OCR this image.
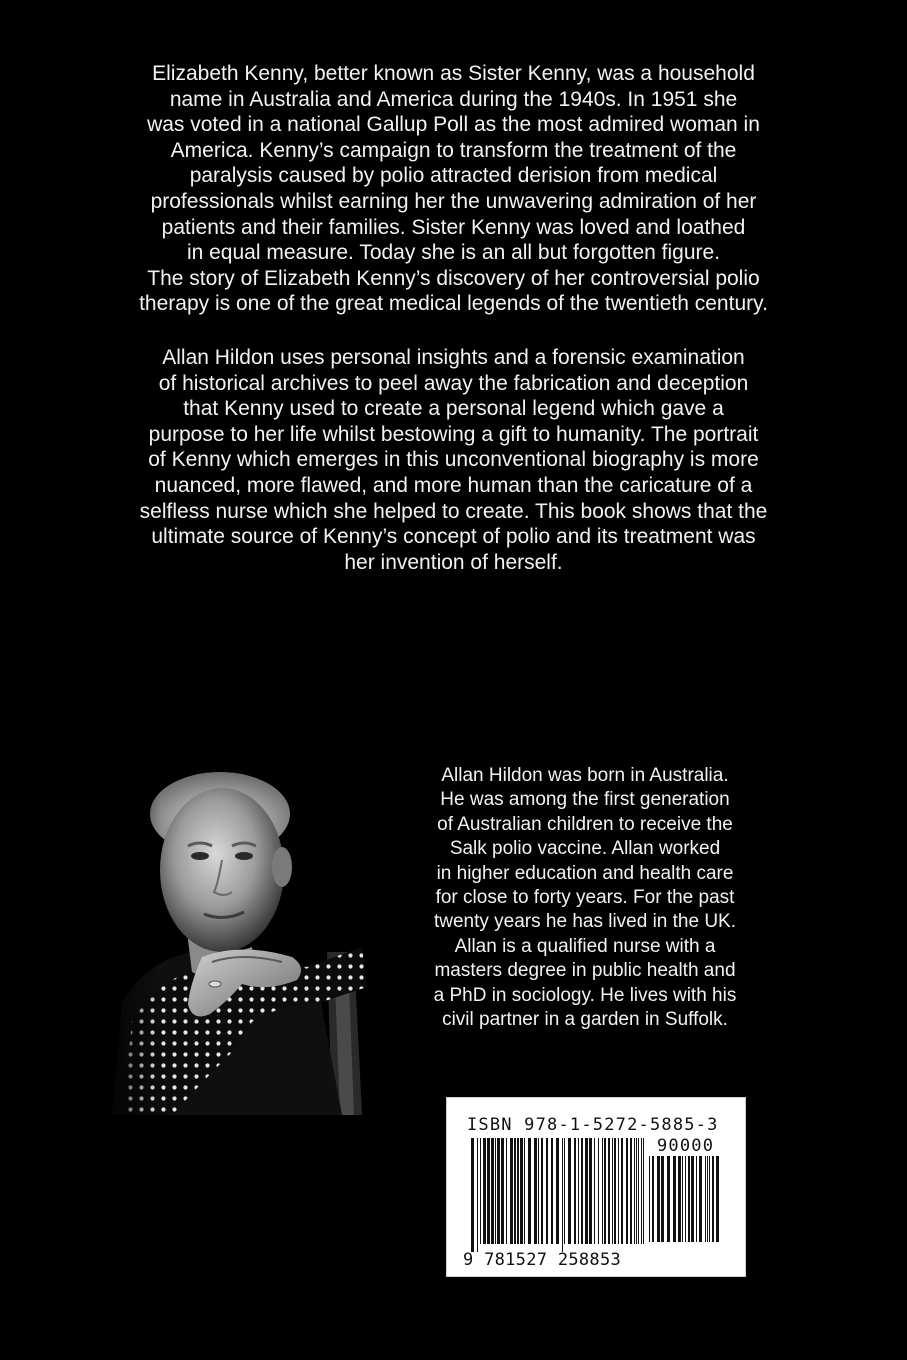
Elizabeth Kenny, better known as Sister Kenny, was a household
name in Australia and America during the 1940s. In 1951 she
was voted in a national Gallup Poll as the most admired woman in
America. Kenny’s campaign to transform the treatment of the
paralysis caused by polio attracted derision from medical
professionals whilst earning her the unwavering admiration of her
patients and their families. Sister Kenny was loved and loathed
in equal measure. Today she is an all but forgotten figure.
The story of Elizabeth Kenny’s discovery of her controversial polio
therapy is one of the great medical legends of the twentieth century.

Allan Hildon uses personal insights and a forensic examination
of historical archives to peel away the fabrication and deception
that Kenny used to create a personal legend which gave a
purpose to her life whilst bestowing a gift to humanity. The portrait
of Kenny which emerges in this unconventional biography is more
nuanced, more flawed, and more human than the caricature of a
selfless nurse which she helped to create. This book shows that the
ultimate source of Kenny’s concept of polio and its treatment was
her invention of herself.

Allan Hildon was born in Australia.
He was among the first generation
of Australian children to receive the
Salk polio vaccine. Allan worked
in higher education and health care
for close to forty years. For the past
twenty years he has lived in the UK.
Allan is a qualified nurse with a
masters degree in public health and
a PhD in sociology. He lives with his
civil partner in a garden in Suffolk.

ISBN 978-1-5272-5885-3
90000
9 781527 258853
